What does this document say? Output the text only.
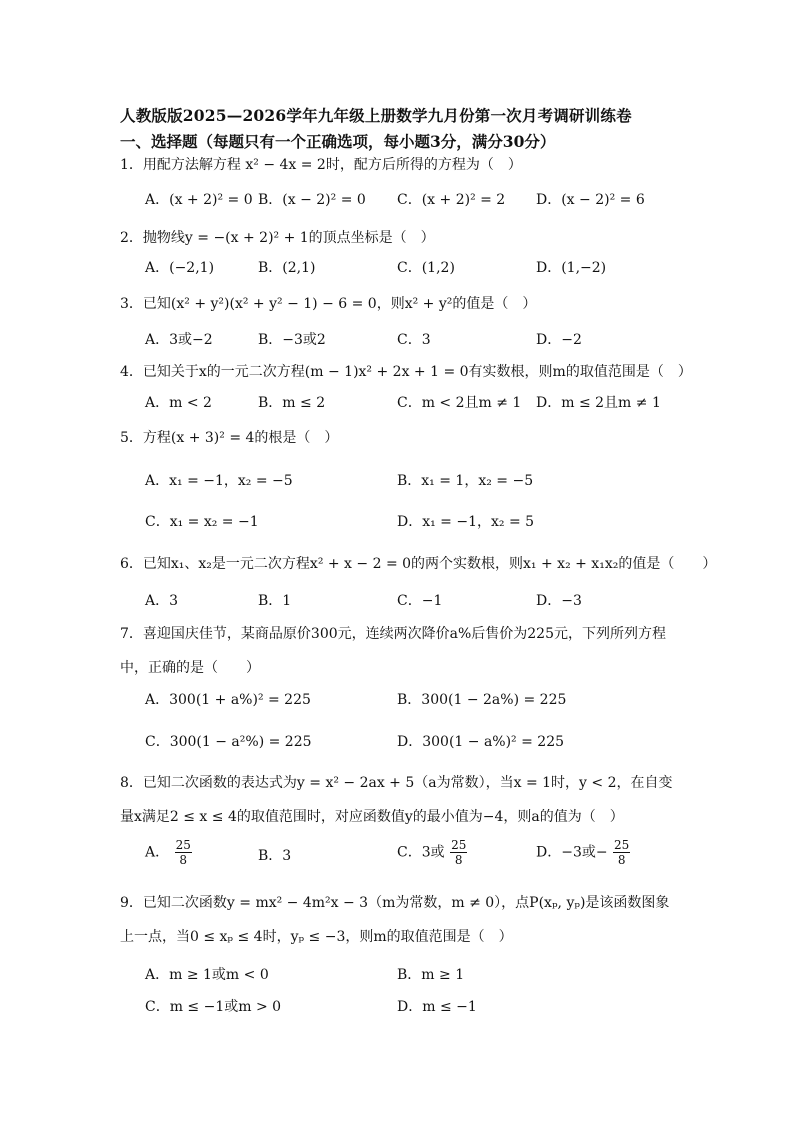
人教版版2025—2026学年九年级上册数学九月份第一次月考调研训练卷
一、选择题（每题只有一个正确选项，每小题3分，满分30分）
1．用配方法解方程 x² − 4x = 2时，配方后所得的方程为（　）
A．(x + 2)² = 0 B．(x − 2)² = 0 C．(x + 2)² = 2 D．(x − 2)² = 6
2．抛物线y = −(x + 2)² + 1的顶点坐标是（　）
A．(−2,1)	B．(2,1)	C．(1,2)	D．(1,−2)
3．已知(x² + y²)(x² + y² − 1) − 6 = 0，则x² + y²的值是（　）
A．3或−2	B．−3或2	C．3	D．−2
4．已知关于x的一元二次方程(m − 1)x² + 2x + 1 = 0有实数根，则m的取值范围是（　）
A．m < 2	B．m ≤ 2	C．m < 2且m ≠ 1 D．m ≤ 2且m ≠ 1
5．方程(x + 3)² = 4的根是（　）
A．x₁ = −1，x₂ = −5	B．x₁ = 1，x₂ = −5
C．x₁ = x₂ = −1	D．x₁ = −1，x₂ = 5
6．已知x₁、x₂是一元二次方程x² + x − 2 = 0的两个实数根，则x₁ + x₂ + x₁x₂的值是（　　）
A．3	B．1	C．−1	D．−3
7．喜迎国庆佳节，某商品原价300元，连续两次降价a%后售价为225元，下列所列方程中，正确的是（　　）
A．300(1 + a%)² = 225	B．300(1 − 2a%) = 225
C．300(1 − a²%) = 225	D．300(1 − a%)² = 225
8．已知二次函数的表达式为y = x² − 2ax + 5（a为常数），当x = 1时，y < 2，在自变量x满足2 ≤ x ≤ 4的取值范围时，对应函数值y的最小值为−4，则a的值为（　）
A． $\frac{25}{8}$	B．3	C．3或 $\frac{25}{8}$	D．−3或− $\frac{25}{8}$
9．已知二次函数y = mx² − 4m²x − 3（m为常数，m ≠ 0），点P(xₚ, yₚ)是该函数图象上一点，当0 ≤ xₚ ≤ 4时，yₚ ≤ −3，则m的取值范围是（　）
A．m ≥ 1或m < 0	B．m ≥ 1
C．m ≤ −1或m > 0	D．m ≤ −1
